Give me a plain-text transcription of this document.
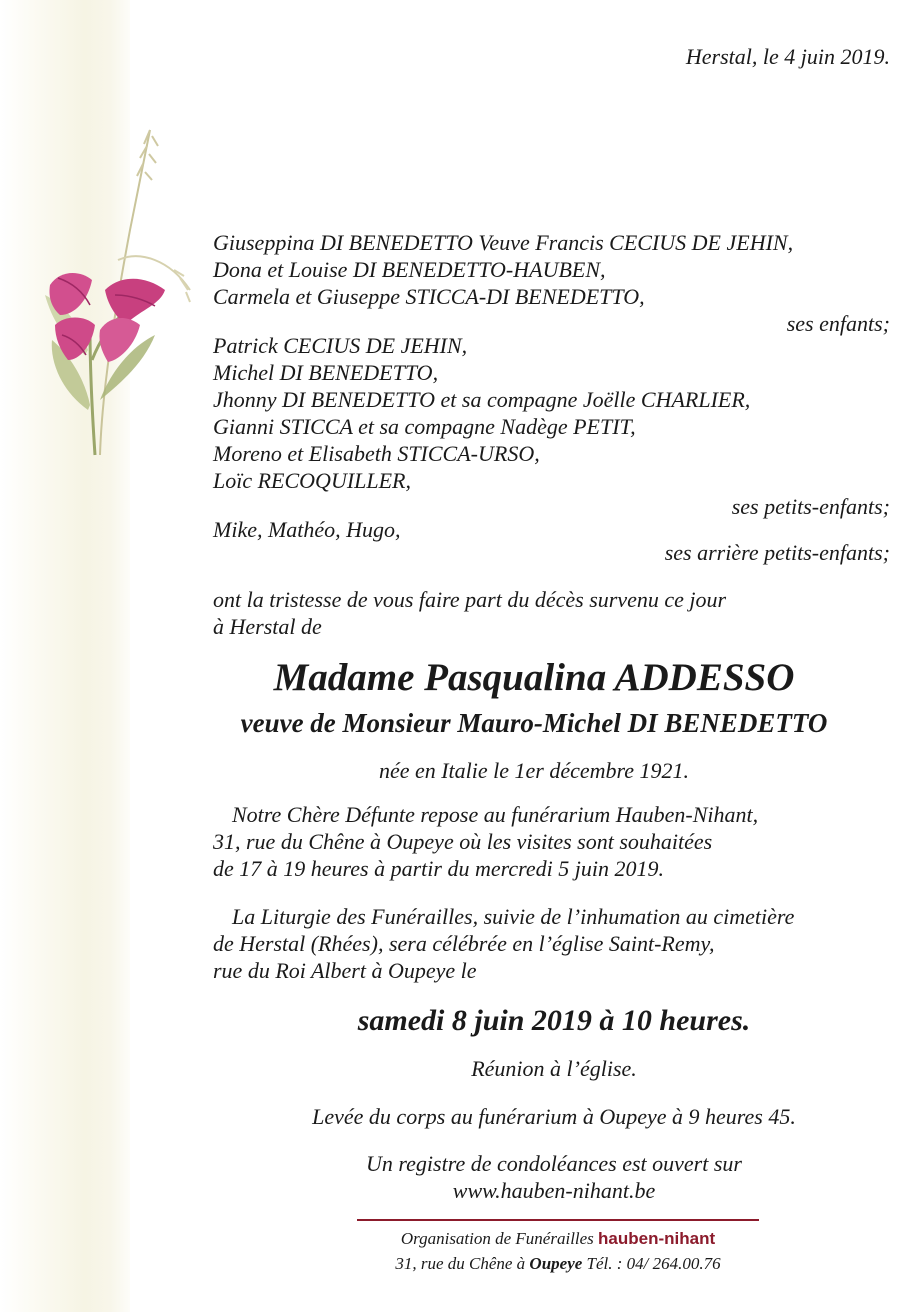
Herstal, le 4 juin 2019.
Giuseppina DI BENEDETTO Veuve Francis CECIUS DE JEHIN,
Dona et Louise DI BENEDETTO-HAUBEN,
Carmela et Giuseppe STICCA-DI BENEDETTO,
ses enfants;
Patrick CECIUS DE JEHIN,
Michel DI BENEDETTO,
Jhonny DI BENEDETTO et sa compagne Joëlle CHARLIER,
Gianni STICCA et sa compagne Nadège PETIT,
Moreno et Elisabeth STICCA-URSO,
Loïc RECOQUILLER,
ses petits-enfants;
Mike, Mathéo, Hugo,
ses arrière petits-enfants;
ont la tristesse de vous faire part du décès survenu ce jour
à Herstal de
Madame Pasqualina ADDESSO
veuve de Monsieur Mauro-Michel DI BENEDETTO
née en Italie le 1er décembre 1921.
Notre Chère Défunte repose au funérarium Hauben-Nihant,
31, rue du Chêne à Oupeye où les visites sont souhaitées
de 17 à 19 heures à partir du mercredi 5 juin 2019.
La Liturgie des Funérailles, suivie de l’inhumation au cimetière
de Herstal (Rhées), sera célébrée en l’église Saint-Remy,
rue du Roi Albert à Oupeye le
samedi 8 juin 2019 à 10 heures.
Réunion à l’église.
Levée du corps au funérarium à Oupeye à 9 heures 45.
Un registre de condoléances est ouvert sur
www.hauben-nihant.be
Organisation de Funérailles hauben-nihant
31, rue du Chêne à Oupeye Tél. : 04/ 264.00.76
